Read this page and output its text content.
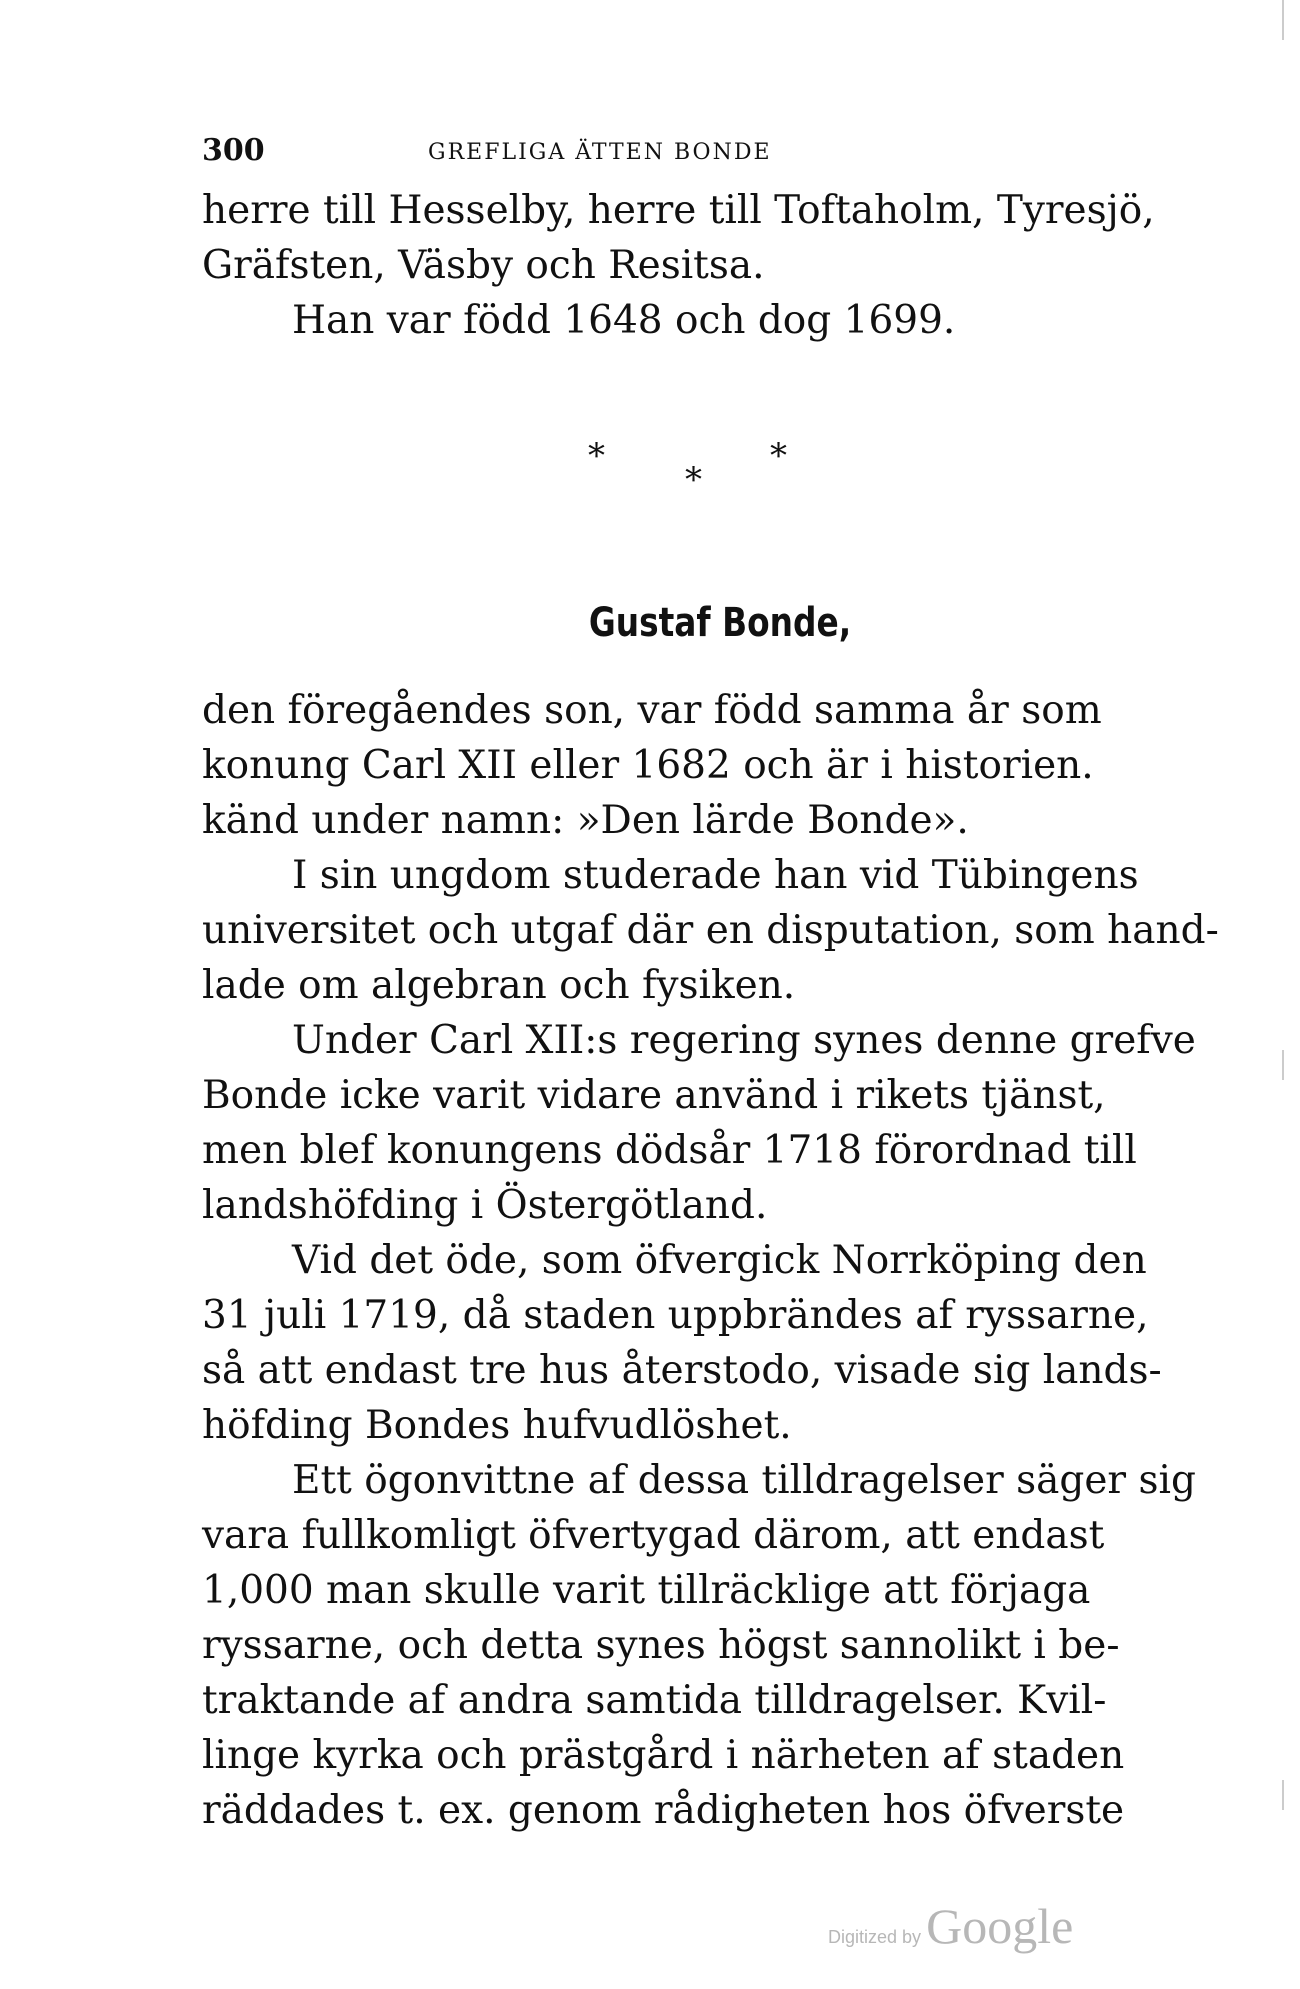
300	GREFLIGA ÄTTEN BONDE
herre till Hesselby, herre till Toftaholm, Tyresjö,
Gräfsten, Väsby och Resitsa.
Han var född 1648 och dog 1699.
*
*
*
Gustaf Bonde,
den föregåendes son, var född samma år som
konung Carl XII eller 1682 och är i historien.
känd under namn: »Den lärde Bonde».
I sin ungdom studerade han vid Tübingens
universitet och utgaf där en disputation, som hand-
lade om algebran och fysiken.
Under Carl XII:s regering synes denne grefve
Bonde icke varit vidare använd i rikets tjänst,
men blef konungens dödsår 1718 förordnad till
landshöfding i Östergötland.
Vid det öde, som öfvergick Norrköping den
31 juli 1719, då staden uppbrändes af ryssarne,
så att endast tre hus återstodo, visade sig lands-
höfding Bondes hufvudlöshet.
Ett ögonvittne af dessa tilldragelser säger sig
vara fullkomligt öfvertygad därom, att endast
1,000 man skulle varit tillräcklige att förjaga
ryssarne, och detta synes högst sannolikt i be-
traktande af andra samtida tilldragelser. Kvil-
linge kyrka och prästgård i närheten af staden
räddades t. ex. genom rådigheten hos öfverste
Digitized by Google
